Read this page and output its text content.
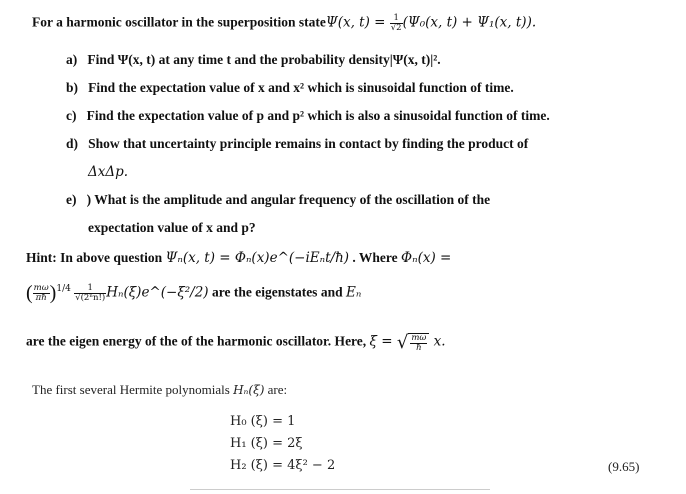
For a harmonic oscillator in the superposition stateΨ(x, $t) = \frac{1}{√2} (\Psi_0(x$, t) + Ψ₁(x, t)).
a) Find Ψ(x, t) at any time t and the probability density|Ψ(x, t)|².
b) Find the expectation value of x and x² which is sinusoidal function of time.
c) Find the expectation value of p and p² which is also a sinusoidal function of time.
d) Show that uncertainty principle remains in contact by finding the product of
ΔxΔp.
e) ) What is the amplitude and angular frequency of the oscillation of the
expectation value of x and p?
Hint: In above question Ψₙ(x, t) = Φₙ(x)e^(−iEₙt/ħ) . Where Φₙ(x) =
( $\frac{m\omega}{\pi ħ} )^{1/4} \frac{1}{\text{√(2ⁿn!)}}$ Hₙ(ξ)e^(−ξ²/2) are the eigenstates and Eₙ
are the eigen energy of the of the harmonic oscillator. Here, ξ = √ $\frac{m\omega}{ħ} x$.
The first several Hermite polynomials Hₙ(ξ) are:
H₀ (ξ) = 1
H₁ (ξ) = 2ξ
H₂ (ξ) = 4ξ² − 2	(9.65)
